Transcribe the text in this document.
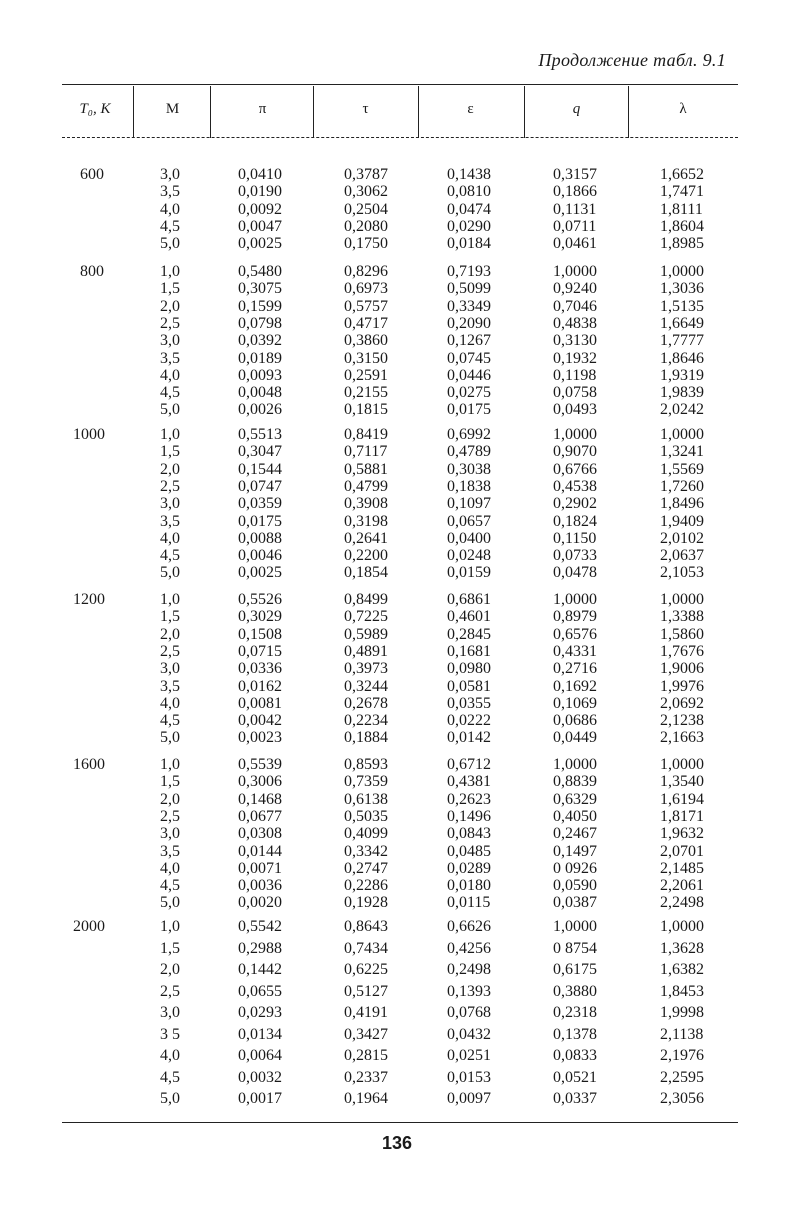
Продолжение табл. 9.1
T₀, K	M	π	τ	ε	q	λ
600	3,0	0,0410	0,3787	0,1438	0,3157	1,6652
3,5	0,0190	0,3062	0,0810	0,1866	1,7471
4,0	0,0092	0,2504	0,0474	0,1131	1,8111
4,5	0,0047	0,2080	0,0290	0,0711	1,8604
5,0	0,0025	0,1750	0,0184	0,0461	1,8985
800	1,0	0,5480	0,8296	0,7193	1,0000	1,0000
1,5	0,3075	0,6973	0,5099	0,9240	1,3036
2,0	0,1599	0,5757	0,3349	0,7046	1,5135
2,5	0,0798	0,4717	0,2090	0,4838	1,6649
3,0	0,0392	0,3860	0,1267	0,3130	1,7777
3,5	0,0189	0,3150	0,0745	0,1932	1,8646
4,0	0,0093	0,2591	0,0446	0,1198	1,9319
4,5	0,0048	0,2155	0,0275	0,0758	1,9839
5,0	0,0026	0,1815	0,0175	0,0493	2,0242
1000	1,0	0,5513	0,8419	0,6992	1,0000	1,0000
1,5	0,3047	0,7117	0,4789	0,9070	1,3241
2,0	0,1544	0,5881	0,3038	0,6766	1,5569
2,5	0,0747	0,4799	0,1838	0,4538	1,7260
3,0	0,0359	0,3908	0,1097	0,2902	1,8496
3,5	0,0175	0,3198	0,0657	0,1824	1,9409
4,0	0,0088	0,2641	0,0400	0,1150	2,0102
4,5	0,0046	0,2200	0,0248	0,0733	2,0637
5,0	0,0025	0,1854	0,0159	0,0478	2,1053
1200	1,0	0,5526	0,8499	0,6861	1,0000	1,0000
1,5	0,3029	0,7225	0,4601	0,8979	1,3388
2,0	0,1508	0,5989	0,2845	0,6576	1,5860
2,5	0,0715	0,4891	0,1681	0,4331	1,7676
3,0	0,0336	0,3973	0,0980	0,2716	1,9006
3,5	0,0162	0,3244	0,0581	0,1692	1,9976
4,0	0,0081	0,2678	0,0355	0,1069	2,0692
4,5	0,0042	0,2234	0,0222	0,0686	2,1238
5,0	0,0023	0,1884	0,0142	0,0449	2,1663
1600	1,0	0,5539	0,8593	0,6712	1,0000	1,0000
1,5	0,3006	0,7359	0,4381	0,8839	1,3540
2,0	0,1468	0,6138	0,2623	0,6329	1,6194
2,5	0,0677	0,5035	0,1496	0,4050	1,8171
3,0	0,0308	0,4099	0,0843	0,2467	1,9632
3,5	0,0144	0,3342	0,0485	0,1497	2,0701
4,0	0,0071	0,2747	0,0289	0 0926	2,1485
4,5	0,0036	0,2286	0,0180	0,0590	2,2061
5,0	0,0020	0,1928	0,0115	0,0387	2,2498
2000	1,0	0,5542	0,8643	0,6626	1,0000	1,0000
1,5	0,2988	0,7434	0,4256	0 8754	1,3628
2,0	0,1442	0,6225	0,2498	0,6175	1,6382
2,5	0,0655	0,5127	0,1393	0,3880	1,8453
3,0	0,0293	0,4191	0,0768	0,2318	1,9998
3 5	0,0134	0,3427	0,0432	0,1378	2,1138
4,0	0,0064	0,2815	0,0251	0,0833	2,1976
4,5	0,0032	0,2337	0,0153	0,0521	2,2595
5,0	0,0017	0,1964	0,0097	0,0337	2,3056
136
